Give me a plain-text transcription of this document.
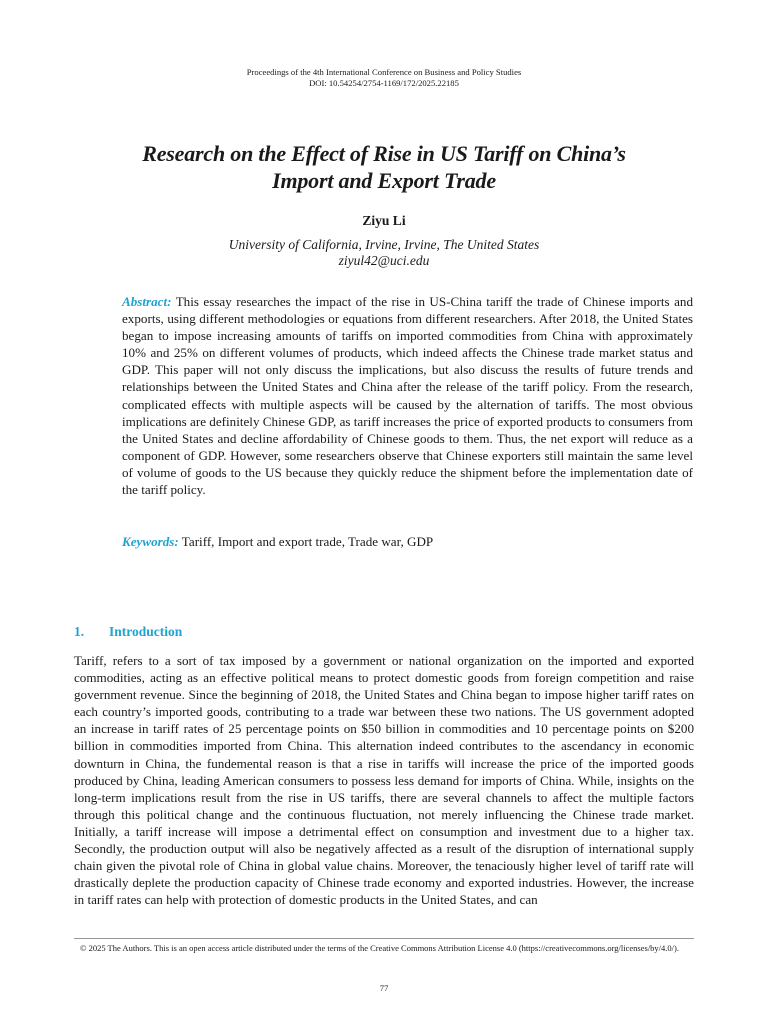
Proceedings of the 4th International Conference on Business and Policy Studies
DOI: 10.54254/2754-1169/172/2025.22185
Research on the Effect of Rise in US Tariff on China’s
Import and Export Trade
Ziyu Li
University of California, Irvine, Irvine, The United States
ziyul42@uci.edu
Abstract: This essay researches the impact of the rise in US-China tariff the trade of Chinese imports and exports, using different methodologies or equations from different researchers. After 2018, the United States began to impose increasing amounts of tariffs on imported commodities from China with approximately 10% and 25% on different volumes of products, which indeed affects the Chinese trade market status and GDP. This paper will not only discuss the implications, but also discuss the results of future trends and relationships between the United States and China after the release of the tariff policy. From the research, complicated effects with multiple aspects will be caused by the alternation of tariffs. The most obvious implications are definitely Chinese GDP, as tariff increases the price of exported products to consumers from the United States and decline affordability of Chinese goods to them. Thus, the net export will reduce as a component of GDP. However, some researchers observe that Chinese exporters still maintain the same level of volume of goods to the US because they quickly reduce the shipment before the implementation date of the tariff policy.
Keywords: Tariff, Import and export trade, Trade war, GDP
1. Introduction
Tariff, refers to a sort of tax imposed by a government or national organization on the imported and exported commodities, acting as an effective political means to protect domestic goods from foreign competition and raise government revenue. Since the beginning of 2018, the United States and China began to impose higher tariff rates on each country’s imported goods, contributing to a trade war between these two nations. The US government adopted an increase in tariff rates of 25 percentage points on $50 billion in commodities and 10 percentage points on $200 billion in commodities imported from China. This alternation indeed contributes to the ascendancy in economic downturn in China, the fundemental reason is that a rise in tariffs will increase the price of the imported goods produced by China, leading American consumers to possess less demand for imports of China. While, insights on the long-term implications result from the rise in US tariffs, there are several channels to affect the multiple factors through this political change and the continuous fluctuation, not merely influencing the Chinese trade market. Initially, a tariff increase will impose a detrimental effect on consumption and investment due to a higher tax. Secondly, the production output will also be negatively affected as a result of the disruption of international supply chain given the pivotal role of China in global value chains. Moreover, the tenaciously higher level of tariff rate will drastically deplete the production capacity of Chinese trade economy and exported industries. However, the increase in tariff rates can help with protection of domestic products in the United States, and can
© 2025 The Authors. This is an open access article distributed under the terms of the Creative Commons Attribution License 4.0 (https://creativecommons.org/licenses/by/4.0/).
77
